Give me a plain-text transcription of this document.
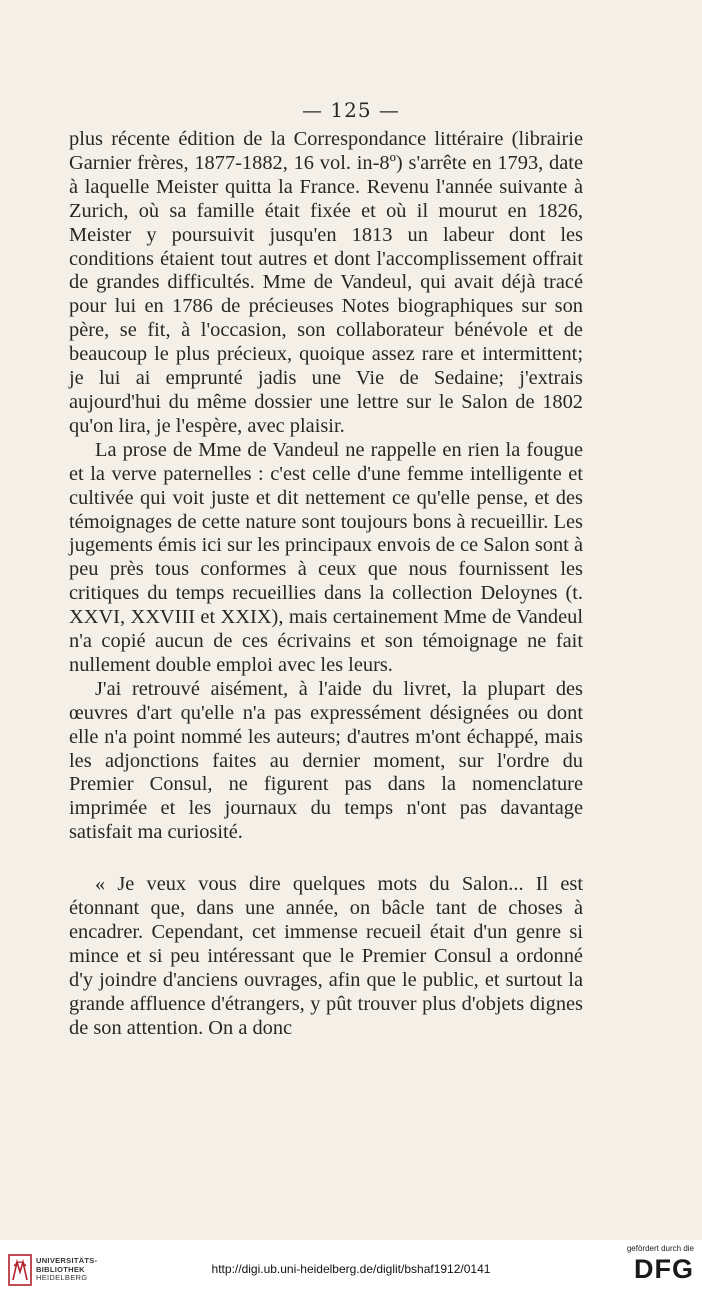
— 125 —

plus récente édition de la Correspondance littéraire (librairie Garnier frères, 1877-1882, 16 vol. in-8º) s'arrête en 1793, date à laquelle Meister quitta la France. Revenu l'année suivante à Zurich, où sa famille était fixée et où il mourut en 1826, Meister y poursuivit jusqu'en 1813 un labeur dont les conditions étaient tout autres et dont l'accomplissement offrait de grandes difficultés. Mme de Vandeul, qui avait déjà tracé pour lui en 1786 de précieuses Notes biographiques sur son père, se fit, à l'occasion, son collaborateur bénévole et de beaucoup le plus précieux, quoique assez rare et intermittent; je lui ai emprunté jadis une Vie de Sedaine; j'extrais aujourd'hui du même dossier une lettre sur le Salon de 1802 qu'on lira, je l'espère, avec plaisir.

La prose de Mme de Vandeul ne rappelle en rien la fougue et la verve paternelles : c'est celle d'une femme intelligente et cultivée qui voit juste et dit nettement ce qu'elle pense, et des témoignages de cette nature sont toujours bons à recueillir. Les jugements émis ici sur les principaux envois de ce Salon sont à peu près tous conformes à ceux que nous fournissent les critiques du temps recueillies dans la collection Deloynes (t. XXVI, XXVIII et XXIX), mais certainement Mme de Vandeul n'a copié aucun de ces écrivains et son témoignage ne fait nullement double emploi avec les leurs.

J'ai retrouvé aisément, à l'aide du livret, la plupart des œuvres d'art qu'elle n'a pas expressément désignées ou dont elle n'a point nommé les auteurs; d'autres m'ont échappé, mais les adjonctions faites au dernier moment, sur l'ordre du Premier Consul, ne figurent pas dans la nomenclature imprimée et les journaux du temps n'ont pas davantage satisfait ma curiosité.

« Je veux vous dire quelques mots du Salon... Il est étonnant que, dans une année, on bâcle tant de choses à encadrer. Cependant, cet immense recueil était d'un genre si mince et si peu intéressant que le Premier Consul a ordonné d'y joindre d'anciens ouvrages, afin que le public, et surtout la grande affluence d'étrangers, y pût trouver plus d'objets dignes de son attention. On a donc

UNIVERSITÄTS-
BIBLIOTHEK
HEIDELBERG
http://digi.ub.uni-heidelberg.de/diglit/bshaf1912/0141
gefördert durch die
DFG
